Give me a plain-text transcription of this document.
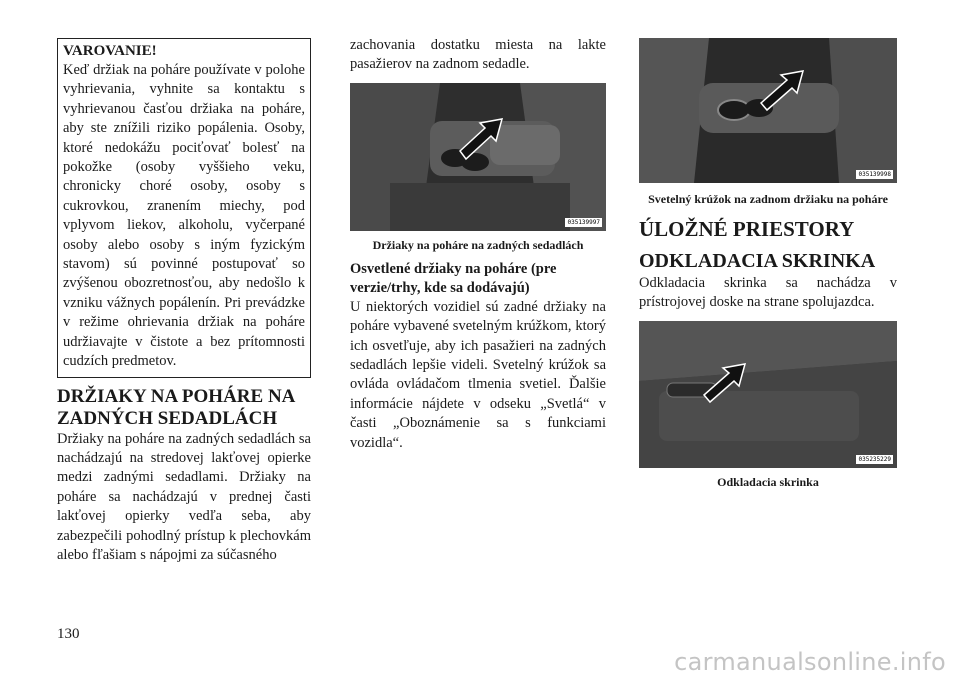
VAROVANIE!
Keď držiak na poháre používate v polohe vyhrievania, vyhnite sa kontaktu s vyhrievanou časťou držiaka na poháre, aby ste znížili riziko popálenia. Osoby, ktoré nedokážu pociťovať bolesť na pokožke (osoby vyššieho veku, chronicky choré osoby, osoby s cukrovkou, zranením miechy, pod vplyvom liekov, alkoholu, vyčerpané osoby alebo osoby s iným fyzickým stavom) sú povinné postupovať so zvýšenou obozretnosťou, aby nedošlo k vzniku vážnych popálenín. Pri prevádzke v režime ohrievania držiak na poháre udržiavajte v čistote a bez prítomnosti cudzích predmetov.
DRŽIAKY NA POHÁRE NA ZADNÝCH SEDADLÁCH
Držiaky na poháre na zadných sedadlách sa nachádzajú na stredovej lakťovej opierke medzi zadnými sedadlami. Držiaky na poháre sa nachádzajú v prednej časti lakťovej opierky vedľa seba, aby zabezpečili pohodlný prístup k plechovkám alebo fľašiam s nápojmi za súčasného
zachovania dostatku miesta na lakte pasažierov na zadnom sedadle.
035139997
Držiaky na poháre na zadných sedadlách
Osvetlené držiaky na poháre (pre verzie/trhy, kde sa dodávajú)
U niektorých vozidiel sú zadné držiaky na poháre vybavené svetelným krúžkom, ktorý ich osvetľuje, aby ich pasažieri na zadných sedadlách lepšie videli. Svetelný krúžok sa ovláda ovládačom tlmenia svetiel. Ďalšie informácie nájdete v odseku „Svetlá“ v časti „Oboznámenie sa s funkciami vozidla“.
035139998
Svetelný krúžok na zadnom držiaku na poháre
ÚLOŽNÉ PRIESTORY
ODKLADACIA SKRINKA
Odkladacia skrinka sa nachádza v prístrojovej doske na strane spolujazdca.
035235229
Odkladacia skrinka
130
carmanualsonline.info
